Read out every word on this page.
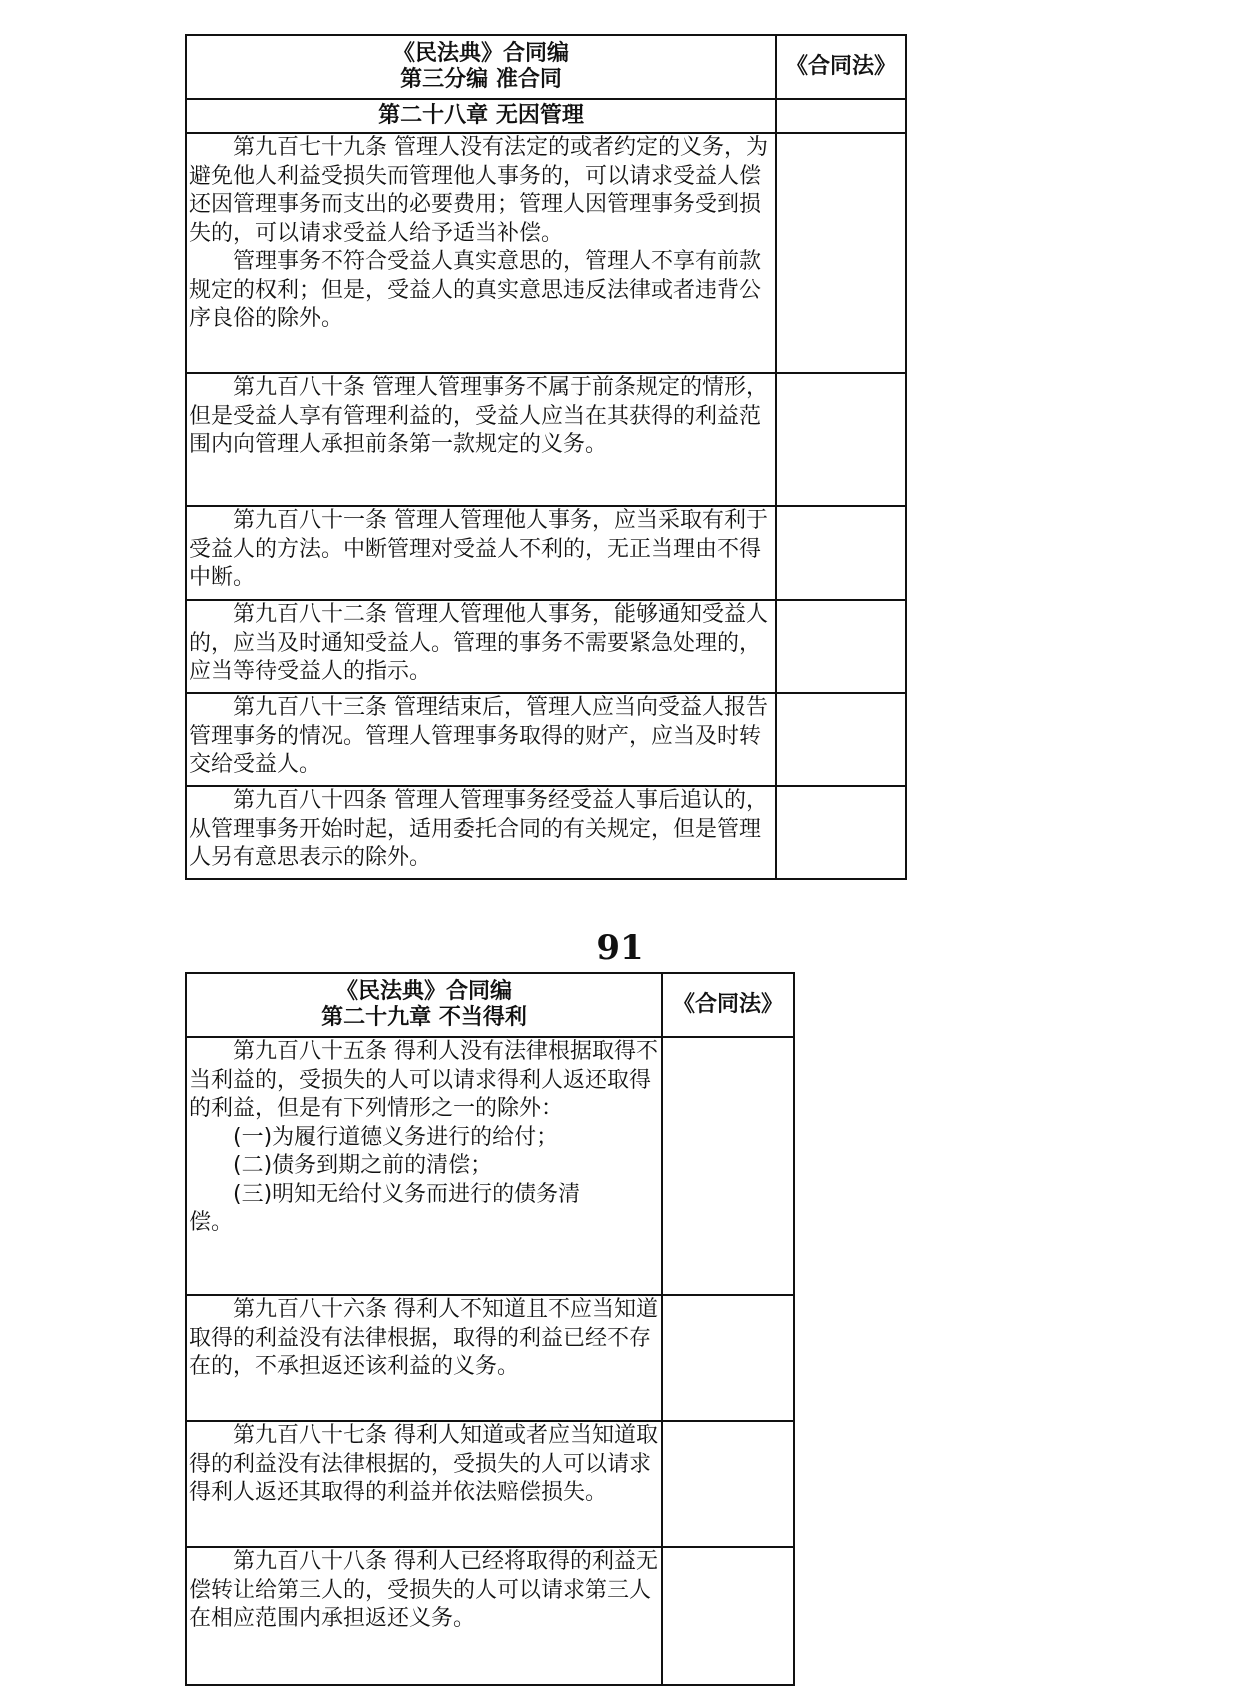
《民法典》合同编
第三分编 准合同	《合同法》
第二十八章 无因管理	

第九百七十九条 管理人没有法定的或者约定的义务，为避免他人利益受损失而管理他人事务的，可以请求受益人偿还因管理事务而支出的必要费用；管理人因管理事务受到损失的，可以请求受益人给予适当补偿。

管理事务不符合受益人真实意思的，管理人不享有前款规定的权利；但是，受益人的真实意思违反法律或者违背公序良俗的除外。	

第九百八十条 管理人管理事务不属于前条规定的情形，但是受益人享有管理利益的，受益人应当在其获得的利益范围内向管理人承担前条第一款规定的义务。	

第九百八十一条 管理人管理他人事务，应当采取有利于受益人的方法。中断管理对受益人不利的，无正当理由不得中断。	

第九百八十二条 管理人管理他人事务，能够通知受益人的，应当及时通知受益人。管理的事务不需要紧急处理的，应当等待受益人的指示。	

第九百八十三条 管理结束后，管理人应当向受益人报告管理事务的情况。管理人管理事务取得的财产，应当及时转交给受益人。	

第九百八十四条 管理人管理事务经受益人事后追认的，从管理事务开始时起，适用委托合同的有关规定，但是管理人另有意思表示的除外。	

91
《民法典》合同编
第二十九章 不当得利	《合同法》

第九百八十五条 得利人没有法律根据取得不当利益的，受损失的人可以请求得利人返还取得的利益，但是有下列情形之一的除外：

(一)为履行道德义务进行的给付；

(二)债务到期之前的清偿；

(三)明知无给付义务而进行的债务清

偿。	

第九百八十六条 得利人不知道且不应当知道取得的利益没有法律根据，取得的利益已经不存在的，不承担返还该利益的义务。	

第九百八十七条 得利人知道或者应当知道取得的利益没有法律根据的，受损失的人可以请求得利人返还其取得的利益并依法赔偿损失。	

第九百八十八条 得利人已经将取得的利益无偿转让给第三人的，受损失的人可以请求第三人在相应范围内承担返还义务。	
